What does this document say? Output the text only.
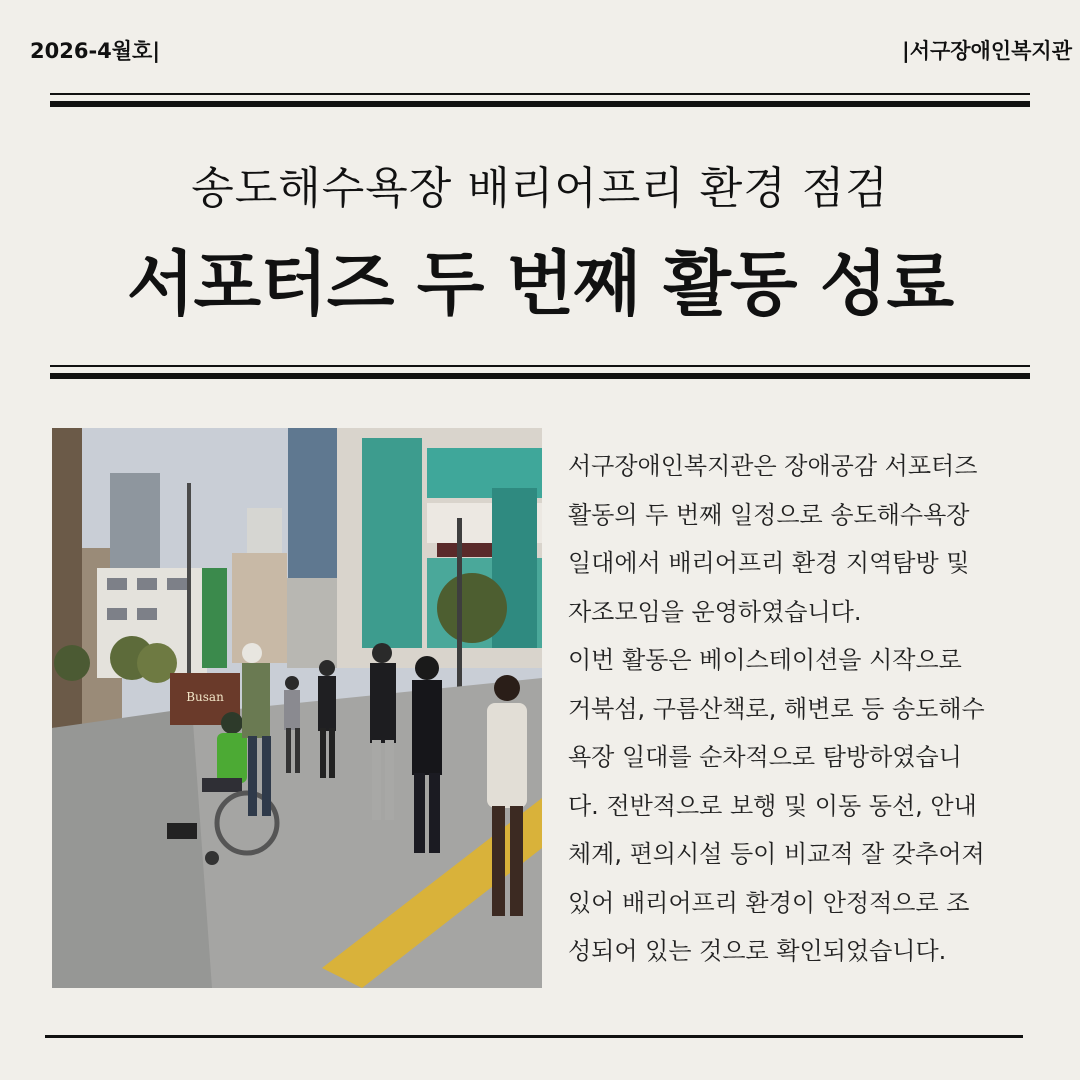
2026-4월호|	|서구장애인복지관
송도해수욕장 배리어프리 환경 점검
서포터즈 두 번째 활동 성료
Busan
서구장애인복지관은 장애공감 서포터즈
활동의 두 번째 일정으로 송도해수욕장
일대에서 배리어프리 환경 지역탐방 및
자조모임을 운영하였습니다.
이번 활동은 베이스테이션을 시작으로
거북섬, 구름산책로, 해변로 등 송도해수
욕장 일대를 순차적으로 탐방하였습니
다. 전반적으로 보행 및 이동 동선, 안내
체계, 편의시설 등이 비교적 잘 갖추어져
있어 배리어프리 환경이 안정적으로 조
성되어 있는 것으로 확인되었습니다.
